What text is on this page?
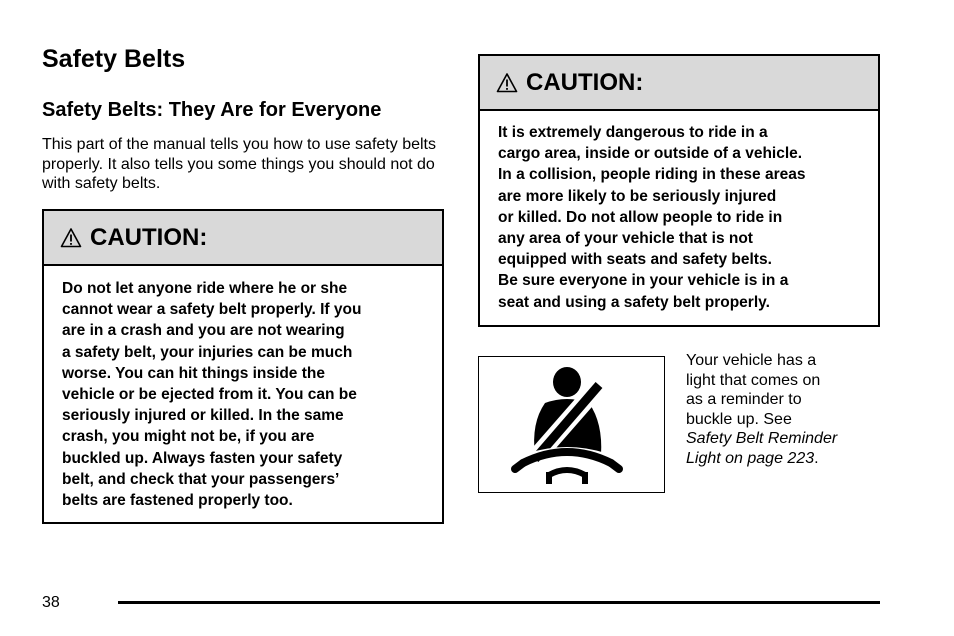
Safety Belts
Safety Belts: They Are for Everyone

This part of the manual tells you how to use safety belts properly. It also tells you some things you should not do with safety belts.

CAUTION:
Do not let anyone ride where he or she
cannot wear a safety belt properly. If you
are in a crash and you are not wearing
a safety belt, your injuries can be much
worse. You can hit things inside the
vehicle or be ejected from it. You can be
seriously injured or killed. In the same
crash, you might not be, if you are
buckled up. Always fasten your safety
belt, and check that your passengers’
belts are fastened properly too.
CAUTION:
It is extremely dangerous to ride in a
cargo area, inside or outside of a vehicle.
In a collision, people riding in these areas
are more likely to be seriously injured
or killed. Do not allow people to ride in
any area of your vehicle that is not
equipped with seats and safety belts.
Be sure everyone in your vehicle is in a
seat and using a safety belt properly.

Your vehicle has a
light that comes on
as a reminder to
buckle up. See
Safety Belt Reminder
Light on page 223.

38
